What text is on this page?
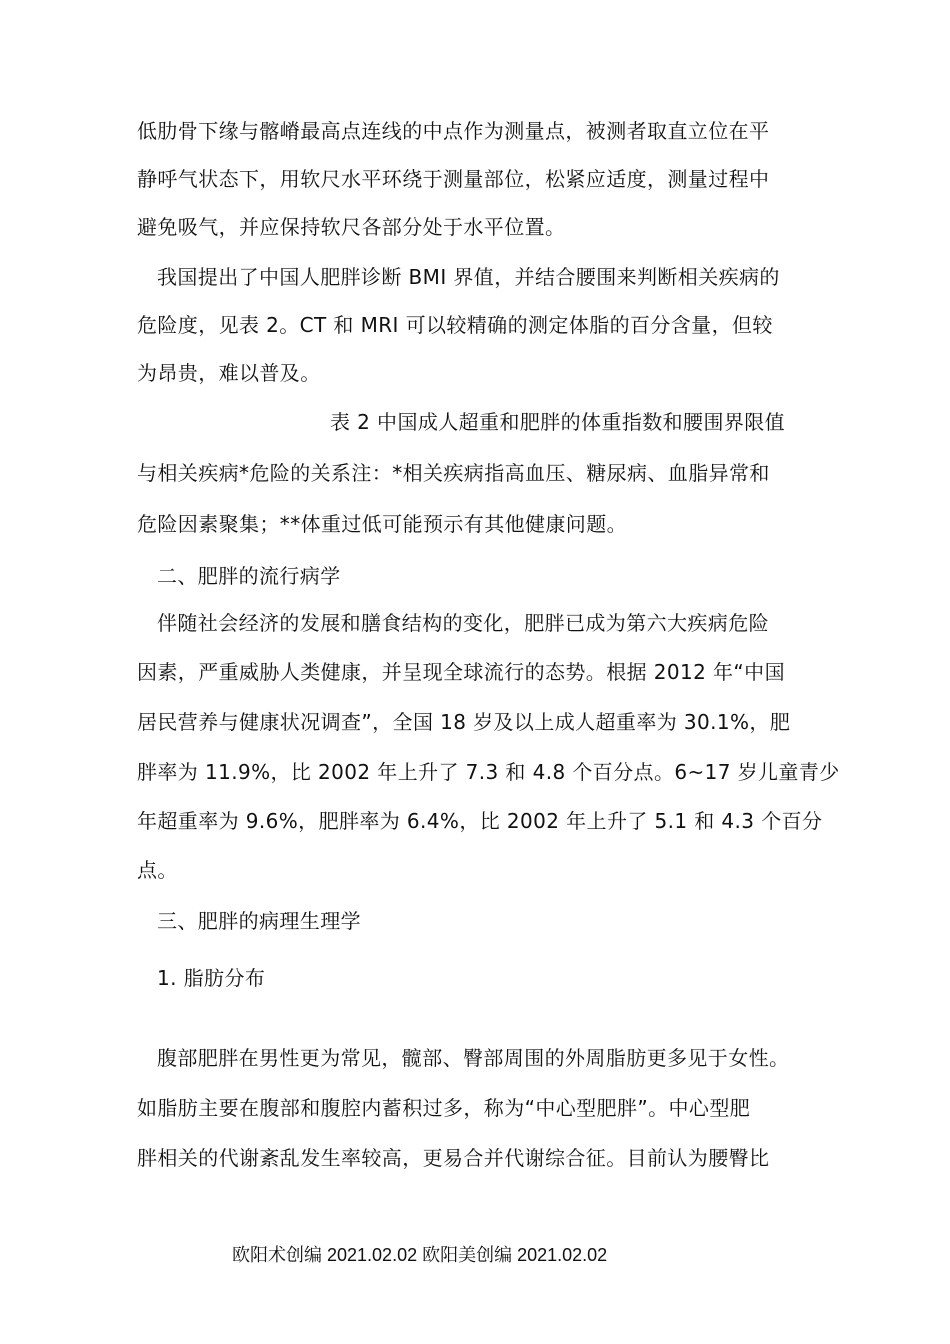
低肋骨下缘与髂嵴最高点连线的中点作为测量点，被测者取直立位在平
静呼气状态下，用软尺水平环绕于测量部位，松紧应适度，测量过程中
避免吸气，并应保持软尺各部分处于水平位置。
我国提出了中国人肥胖诊断 BMI 界值，并结合腰围来判断相关疾病的
危险度，见表 2。CT 和 MRI 可以较精确的测定体脂的百分含量，但较
为昂贵，难以普及。
表 2 中国成人超重和肥胖的体重指数和腰围界限值
与相关疾病*危险的关系注：*相关疾病指高血压、糖尿病、血脂异常和
危险因素聚集；**体重过低可能预示有其他健康问题。
二、肥胖的流行病学
伴随社会经济的发展和膳食结构的变化，肥胖已成为第六大疾病危险
因素，严重威胁人类健康，并呈现全球流行的态势。根据 2012 年“中国
居民营养与健康状况调查”，全国 18 岁及以上成人超重率为 30.1%，肥
胖率为 11.9%，比 2002 年上升了 7.3 和 4.8 个百分点。6~17 岁儿童青少
年超重率为 9.6%，肥胖率为 6.4%，比 2002 年上升了 5.1 和 4.3 个百分
点。
三、肥胖的病理生理学
1. 脂肪分布
腹部肥胖在男性更为常见，髋部、臀部周围的外周脂肪更多见于女性。
如脂肪主要在腹部和腹腔内蓄积过多，称为“中心型肥胖”。中心型肥
胖相关的代谢紊乱发生率较高，更易合并代谢综合征。目前认为腰臀比
欧阳术创编 2021.02.02 欧阳美创编 2021.02.02
